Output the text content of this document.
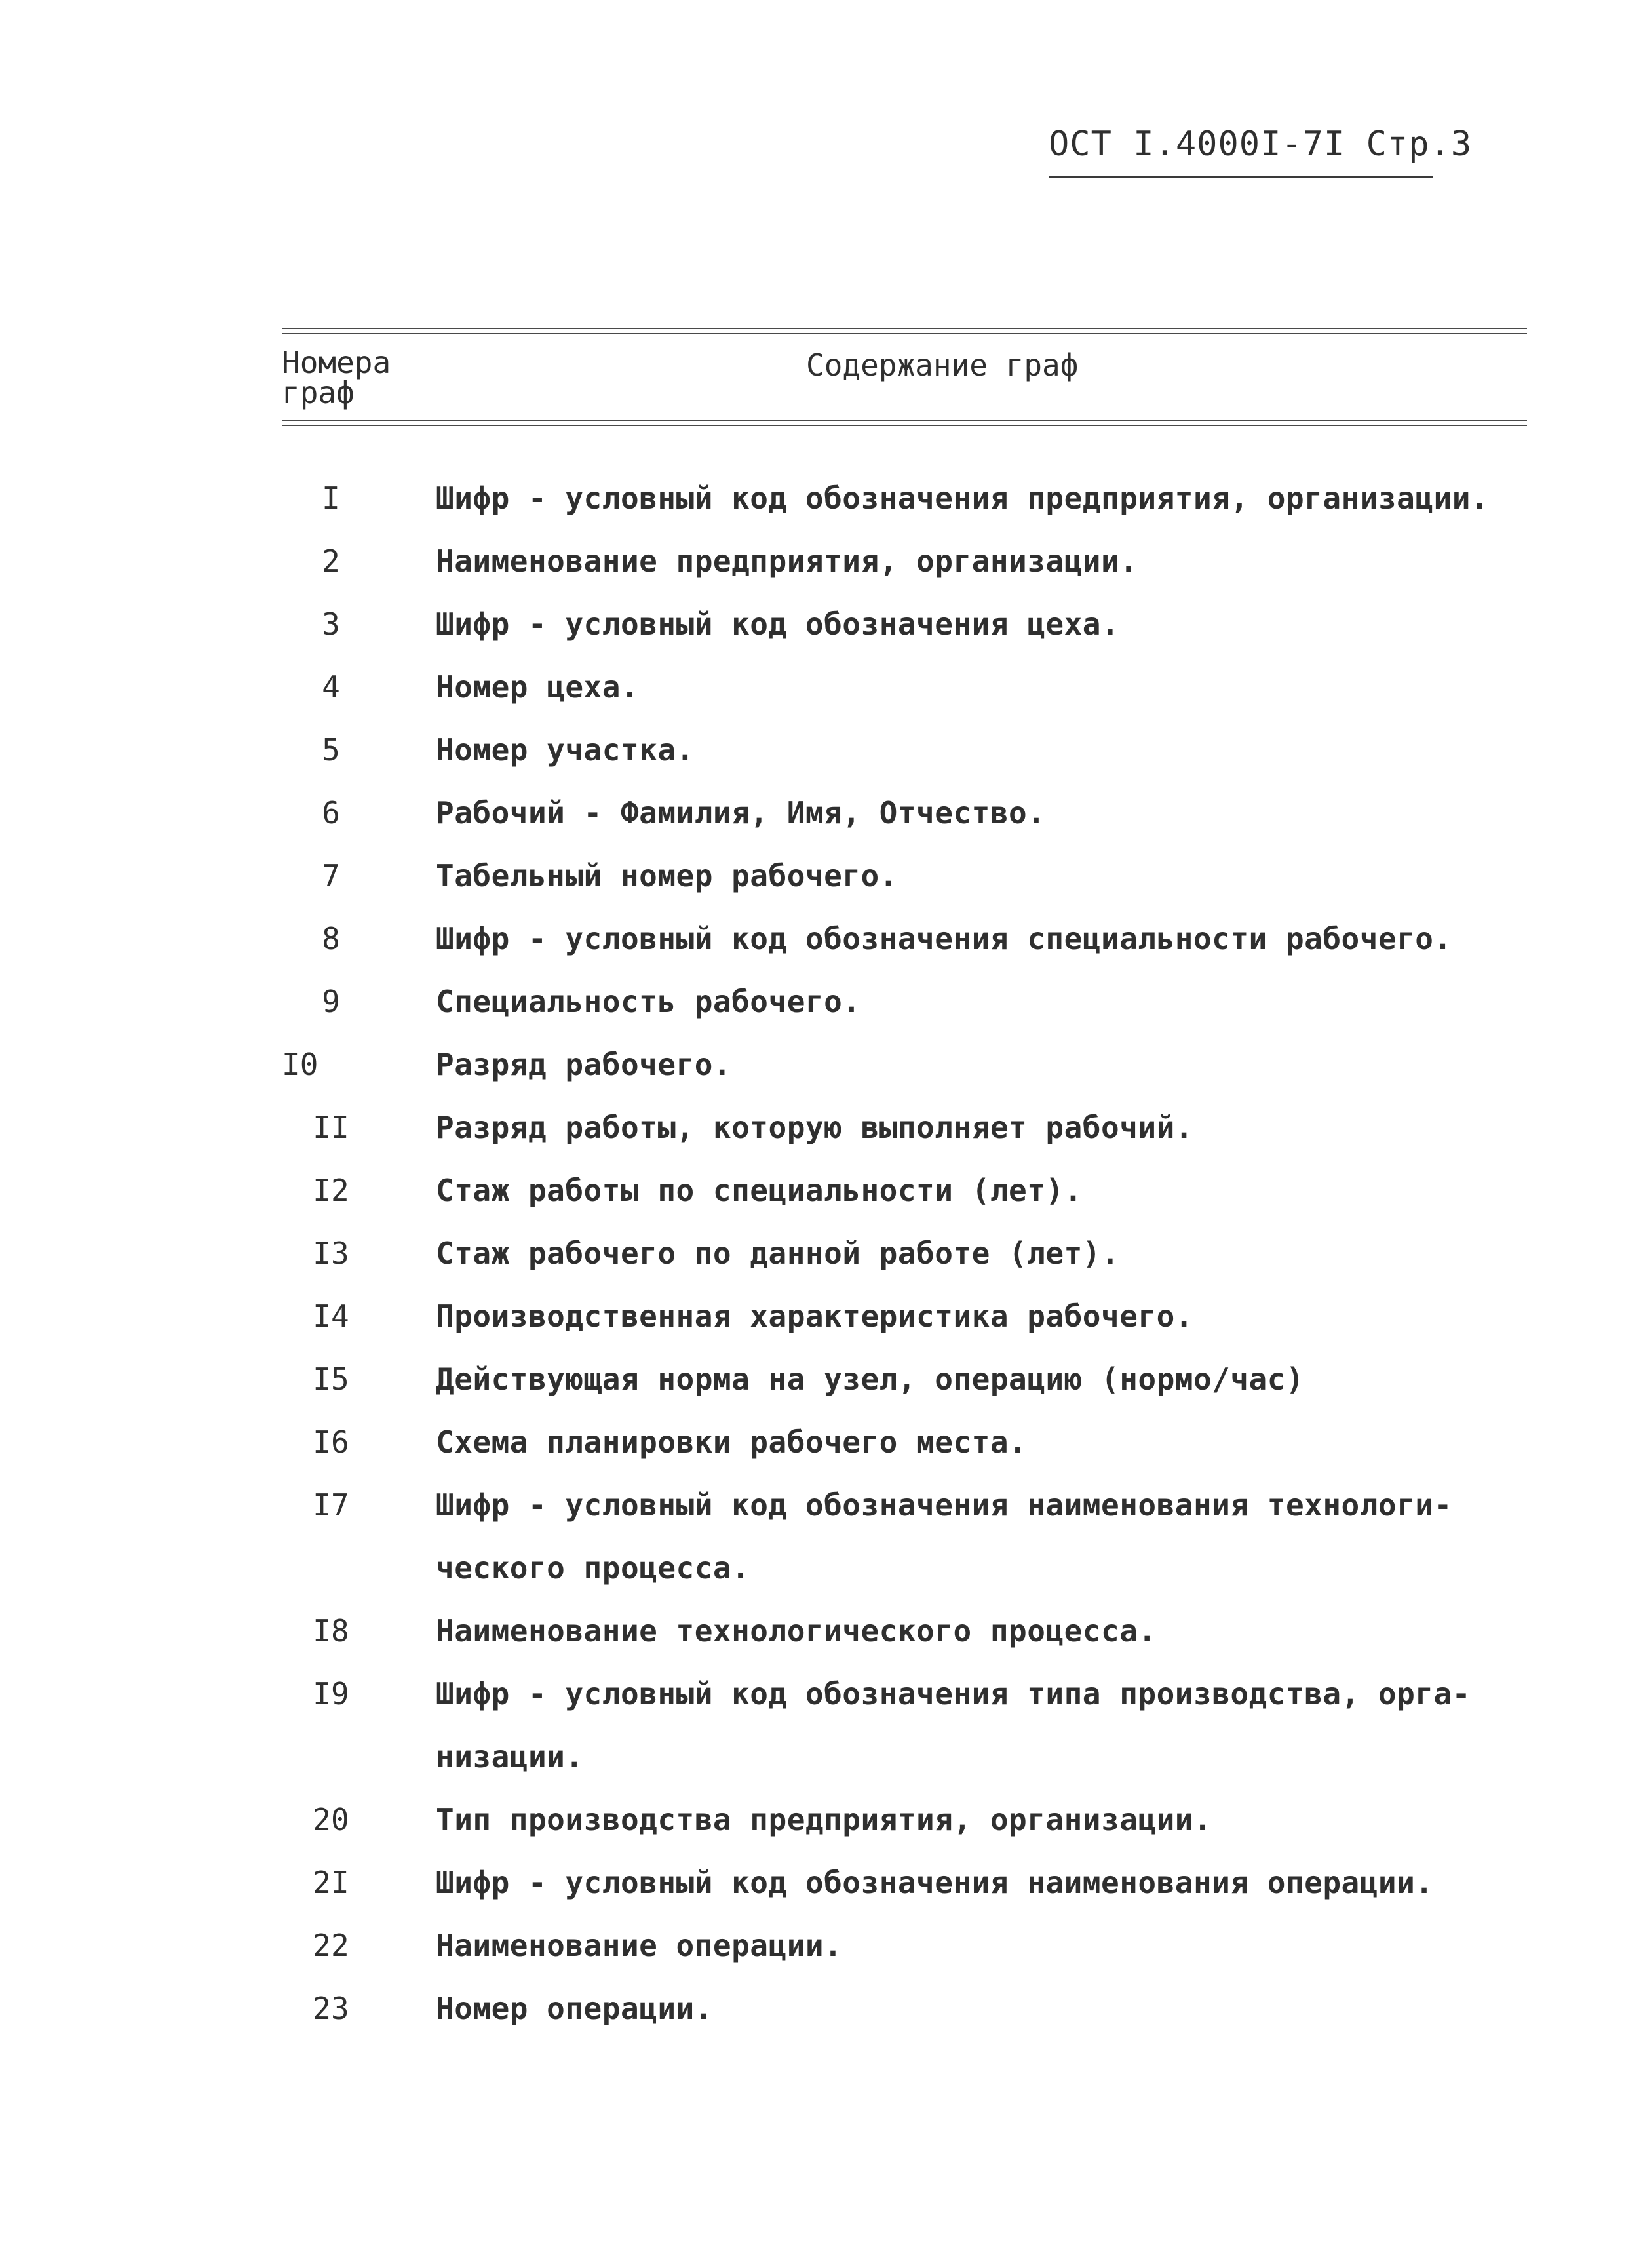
ОСТ I.4000I-7I Стр.3
Номера
граф
Содержание граф
I	Шифр - условный код обозначения предприятия, организации.

2	Наименование предприятия, организации.

3	Шифр - условный код обозначения цеха.

4	Номер цеха.

5	Номер участка.

6	Рабочий - Фамилия, Имя, Отчество.

7	Табельный номер рабочего.

8	Шифр - условный код обозначения специальности рабочего.

9	Специальность рабочего.

I0	Разряд рабочего.

II	Разряд работы, которую выполняет рабочий.

I2	Стаж работы по специальности (лет).

I3	Стаж рабочего по данной работе (лет).

I4	Производственная характеристика рабочего.

I5	Действующая норма на узел, операцию (нормо/час)

I6	Схема планировки рабочего места.

I7	Шифр - условный код обозначения наименования технологи-

ческого процесса.

I8	Наименование технологического процесса.

I9	Шифр - условный код обозначения типа производства, орга-

низации.

20	Тип производства предприятия, организации.

2I	Шифр - условный код обозначения наименования операции.

22	Наименование операции.

23	Номер операции.
